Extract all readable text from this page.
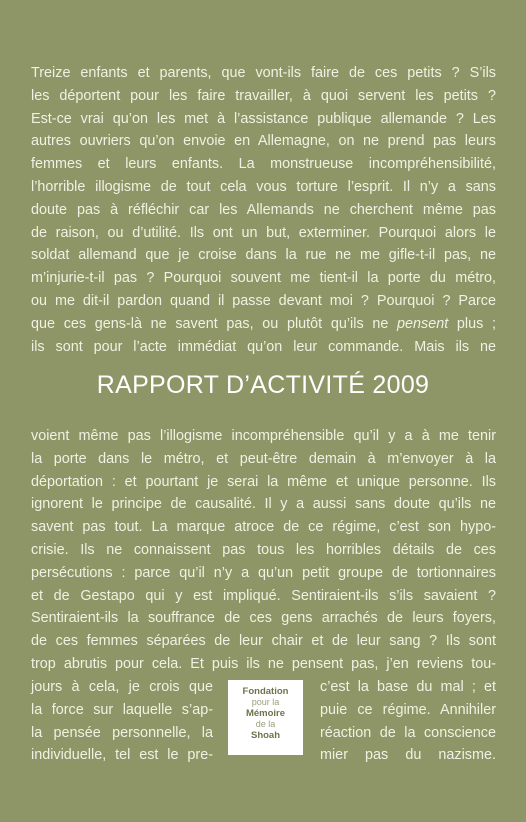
Treize enfants et parents, que vont-ils faire de ces petits ? S’ils
les déportent pour les faire travailler, à quoi servent les petits ?
Est-ce vrai qu’on les met à l’assistance publique allemande ? Les
autres ouvriers qu’on envoie en Allemagne, on ne prend pas leurs
femmes et leurs enfants. La monstrueuse incompréhensibilité,
l’horrible illogisme de tout cela vous torture l’esprit. Il n’y a sans
doute pas à réfléchir car les Allemands ne cherchent même pas
de raison, ou d’utilité. Ils ont un but, exterminer. Pourquoi alors le
soldat allemand que je croise dans la rue ne me gifle-t-il pas, ne
m’injurie-t-il pas ? Pourquoi souvent me tient-il la porte du métro,
ou me dit-il pardon quand il passe devant moi ? Pourquoi ? Parce
que ces gens-là ne savent pas, ou plutôt qu’ils ne pensent plus ;
ils sont pour l’acte immédiat qu’on leur commande. Mais ils ne

RAPPORT D’ACTIVITÉ 2009

voient même pas l’illogisme incompréhensible qu’il y a à me tenir
la porte dans le métro, et peut-être demain à m’envoyer à la
déportation : et pourtant je serai la même et unique personne. Ils
ignorent le principe de causalité. Il y a aussi sans doute qu’ils ne
savent pas tout. La marque atroce de ce régime, c’est son hypo-
crisie. Ils ne connaissent pas tous les horribles détails de ces
persécutions : parce qu’il n’y a qu’un petit groupe de tortionnaires
et de Gestapo qui y est impliqué. Sentiraient-ils s’ils savaient ?
Sentiraient-ils la souffrance de ces gens arrachés de leurs foyers,
de ces femmes séparées de leur chair et de leur sang ? Ils sont
trop abrutis pour cela. Et puis ils ne pensent pas, j’en reviens tou-

jours à cela, je crois que	c’est la base du mal ; et
la force sur laquelle s’ap-	puie ce régime. Annihiler
la pensée personnelle, la	réaction de la conscience
individuelle, tel est le pre-	mier pas du nazisme.
Fondation
pour la
Mémoire
de la
Shoah
